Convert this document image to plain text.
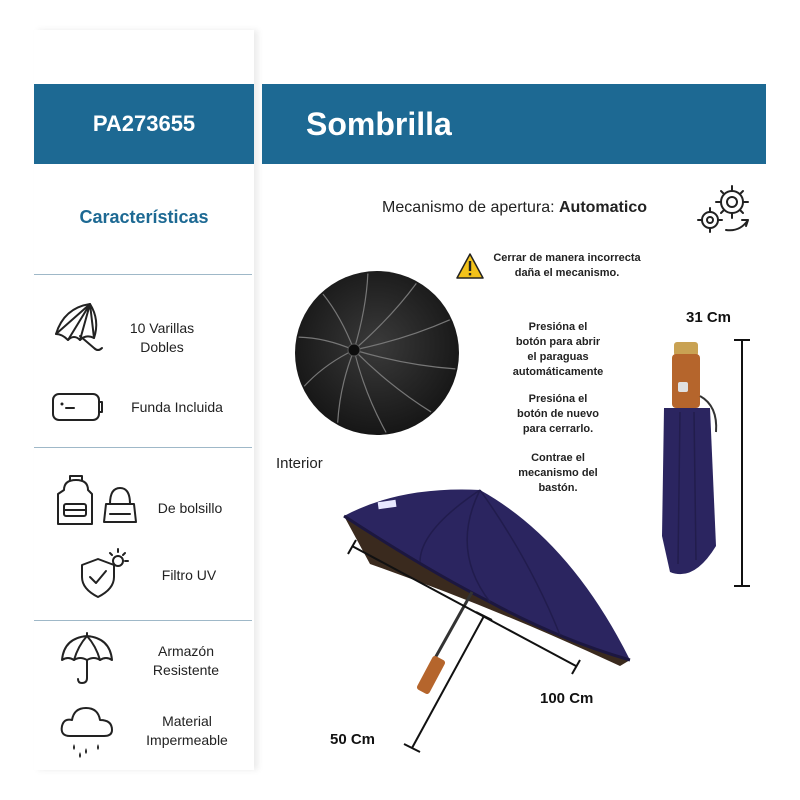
PA273655	Sombrilla
Características
10 Varillas
Dobles
Funda Incluida
De bolsillo
Filtro UV
Armazón
Resistente
Material
Impermeable
Mecanismo de apertura: Automatico
Cerrar de manera incorrecta
daña el mecanismo.
Presióna el
botón para abrir
el paraguas
automáticamente
Presióna el
botón de nuevo
para cerrarlo.
Contrae el
mecanismo del
bastón.
Interior
31 Cm
100 Cm
50 Cm
